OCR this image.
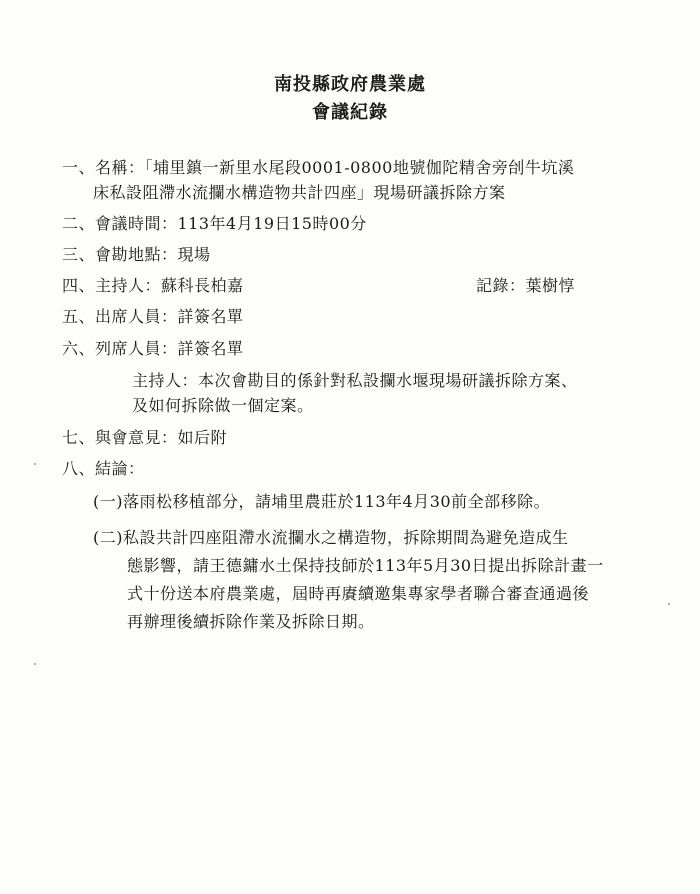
南投縣政府農業處
會議紀錄
一、名稱：「埔里鎮一新里水尾段0001-0800地號伽陀精舍旁刣牛坑溪
床私設阻滯水流攔水構造物共計四座」現場研議拆除方案
二、會議時間：113年4月19日15時00分
三、會勘地點：現場
四、主持人：蘇科長柏嘉	記錄：葉樹惇
五、出席人員：詳簽名單
六、列席人員：詳簽名單
主持人：本次會勘目的係針對私設攔水堰現場研議拆除方案、
及如何拆除做一個定案。
七、與會意見：如后附
八、結論：
(一)落雨松移植部分，請埔里農莊於113年4月30前全部移除。
(二)私設共計四座阻滯水流攔水之構造物，拆除期間為避免造成生
態影響，請王德鏞水土保持技師於113年5月30日提出拆除計畫一
式十份送本府農業處，屆時再賡續邀集專家學者聯合審查通過後
再辦理後續拆除作業及拆除日期。
